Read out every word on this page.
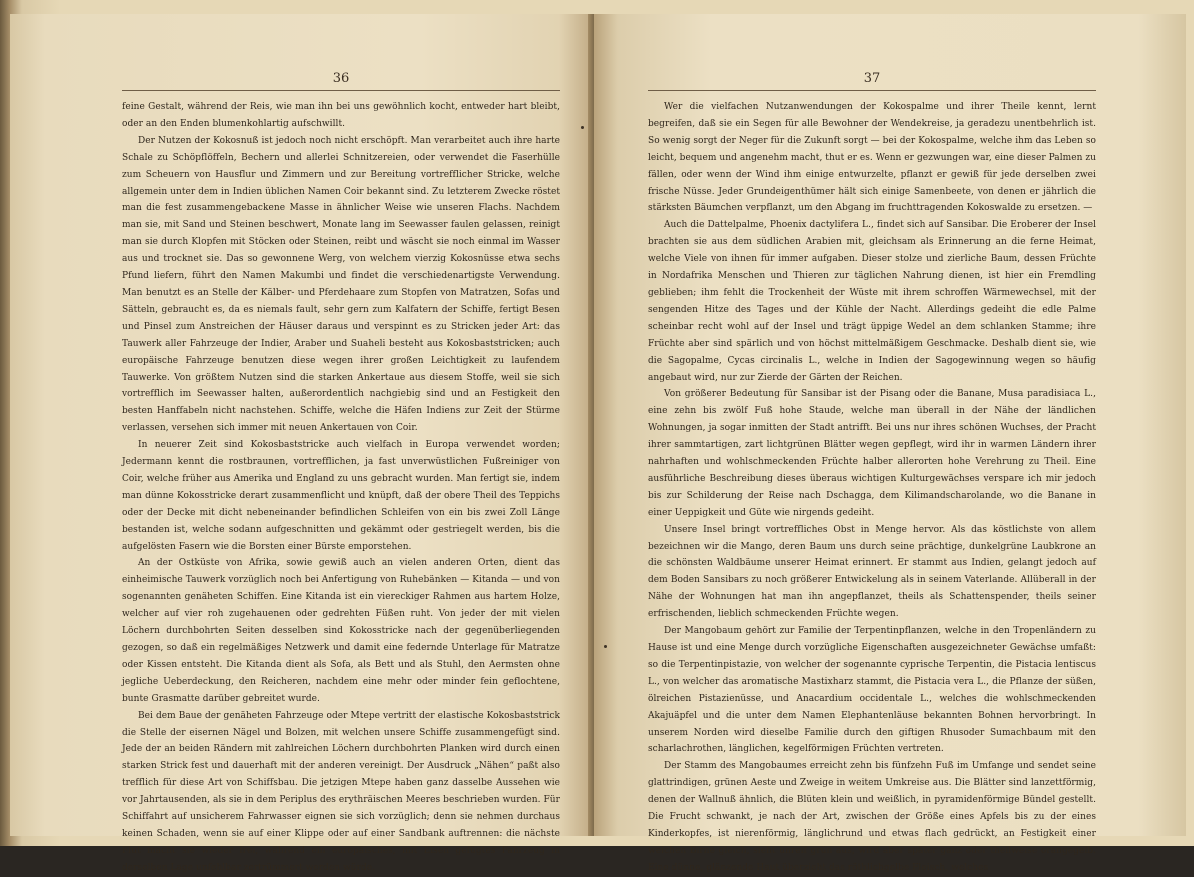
36

feine Gestalt, während der Reis, wie man ihn bei uns gewöhnlich kocht, entweder hart bleibt, oder an den Enden blumenkohlartig aufschwillt.

Der Nutzen der Kokosnuß ist jedoch noch nicht erschöpft. Man verarbeitet auch ihre harte Schale zu Schöpflöffeln, Bechern und allerlei Schnitzereien, oder verwendet die Faserhülle zum Scheuern von Hausflur und Zimmern und zur Bereitung vortrefflicher Stricke, welche allgemein unter dem in Indien üblichen Namen Coir bekannt sind. Zu letzterem Zwecke röstet man die fest zusammengebackene Masse in ähnlicher Weise wie unseren Flachs. Nachdem man sie, mit Sand und Steinen beschwert, Monate lang im Seewasser faulen gelassen, reinigt man sie durch Klopfen mit Stöcken oder Steinen, reibt und wäscht sie noch einmal im Wasser aus und trocknet sie. Das so gewonnene Werg, von welchem vierzig Kokosnüsse etwa sechs Pfund liefern, führt den Namen Makumbi und findet die verschiedenartigste Verwendung. Man benutzt es an Stelle der Kälber- und Pferdehaare zum Stopfen von Matratzen, Sofas und Sätteln, gebraucht es, da es niemals fault, sehr gern zum Kalfatern der Schiffe, fertigt Besen und Pinsel zum Anstreichen der Häuser daraus und verspinnt es zu Stricken jeder Art: das Tauwerk aller Fahrzeuge der Indier, Araber und Suaheli besteht aus Kokosbaststricken; auch europäische Fahrzeuge benutzen diese wegen ihrer großen Leichtigkeit zu laufendem Tauwerke. Von größtem Nutzen sind die starken Ankertaue aus diesem Stoffe, weil sie sich vortrefflich im Seewasser halten, außerordentlich nachgiebig sind und an Festigkeit den besten Hanffabeln nicht nachstehen. Schiffe, welche die Häfen Indiens zur Zeit der Stürme verlassen, versehen sich immer mit neuen Ankertauen von Coir.

In neuerer Zeit sind Kokosbaststricke auch vielfach in Europa verwendet worden; Jedermann kennt die rostbraunen, vortrefflichen, ja fast unverwüstlichen Fußreiniger von Coir, welche früher aus Amerika und England zu uns gebracht wurden. Man fertigt sie, indem man dünne Kokosstricke derart zusammenflicht und knüpft, daß der obere Theil des Teppichs oder der Decke mit dicht nebeneinander befindlichen Schleifen von ein bis zwei Zoll Länge bestanden ist, welche sodann aufgeschnitten und gekämmt oder gestriegelt werden, bis die aufgelösten Fasern wie die Borsten einer Bürste emporstehen.

An der Ostküste von Afrika, sowie gewiß auch an vielen anderen Orten, dient das einheimische Tauwerk vorzüglich noch bei Anfertigung von Ruhebänken — Kitanda — und von sogenannten genäheten Schiffen. Eine Kitanda ist ein viereckiger Rahmen aus hartem Holze, welcher auf vier roh zugehauenen oder gedrehten Füßen ruht. Von jeder der mit vielen Löchern durchbohrten Seiten desselben sind Kokosstricke nach der gegenüberliegenden gezogen, so daß ein regelmäßiges Netzwerk und damit eine federnde Unterlage für Matratze oder Kissen entsteht. Die Kitanda dient als Sofa, als Bett und als Stuhl, den Aermsten ohne jegliche Ueberdeckung, den Reicheren, nachdem eine mehr oder minder fein geflochtene, bunte Grasmatte darüber gebreitet wurde.

Bei dem Baue der genäheten Fahrzeuge oder Mtepe vertritt der elastische Kokosbaststrick die Stelle der eisernen Nägel und Bolzen, mit welchen unsere Schiffe zusammengefügt sind. Jede der an beiden Rändern mit zahlreichen Löchern durchbohrten Planken wird durch einen starken Strick fest und dauerhaft mit der anderen vereinigt. Der Ausdruck „Nähen“ paßt also trefflich für diese Art von Schiffsbau. Die jetzigen Mtepe haben ganz dasselbe Aussehen wie vor Jahrtausenden, als sie in dem Periplus des erythräischen Meeres beschrieben wurden. Für Schiffahrt auf unsicherem Fahrwasser eignen sie sich vorzüglich; denn sie nehmen durchaus keinen Schaden, wenn sie auf einer Klippe oder auf einer Sandbank auftrennen: die nächste Flut macht sie wieder frei, während ein europäisches, mit Eisen gefügtes Fahrzeug in derselben Lage unfehlbar zertrümmert werden würde.

37

Wer die vielfachen Nutzanwendungen der Kokospalme und ihrer Theile kennt, lernt begreifen, daß sie ein Segen für alle Bewohner der Wendekreise, ja geradezu unentbehrlich ist. So wenig sorgt der Neger für die Zukunft sorgt — bei der Kokospalme, welche ihm das Leben so leicht, bequem und angenehm macht, thut er es. Wenn er gezwungen war, eine dieser Palmen zu fällen, oder wenn der Wind ihm einige entwurzelte, pflanzt er gewiß für jede derselben zwei frische Nüsse. Jeder Grundeigenthümer hält sich einige Samenbeete, von denen er jährlich die stärksten Bäumchen verpflanzt, um den Abgang im fruchttragenden Kokoswalde zu ersetzen. —

Auch die Dattelpalme, Phoenix dactylifera L., findet sich auf Sansibar. Die Eroberer der Insel brachten sie aus dem südlichen Arabien mit, gleichsam als Erinnerung an die ferne Heimat, welche Viele von ihnen für immer aufgaben. Dieser stolze und zierliche Baum, dessen Früchte in Nordafrika Menschen und Thieren zur täglichen Nahrung dienen, ist hier ein Fremdling geblieben; ihm fehlt die Trockenheit der Wüste mit ihrem schroffen Wärmewechsel, mit der sengenden Hitze des Tages und der Kühle der Nacht. Allerdings gedeiht die edle Palme scheinbar recht wohl auf der Insel und trägt üppige Wedel an dem schlanken Stamme; ihre Früchte aber sind spärlich und von höchst mittelmäßigem Geschmacke. Deshalb dient sie, wie die Sagopalme, Cycas circinalis L., welche in Indien der Sagogewinnung wegen so häufig angebaut wird, nur zur Zierde der Gärten der Reichen.

Von größerer Bedeutung für Sansibar ist der Pisang oder die Banane, Musa paradisiaca L., eine zehn bis zwölf Fuß hohe Staude, welche man überall in der Nähe der ländlichen Wohnungen, ja sogar inmitten der Stadt antrifft. Bei uns nur ihres schönen Wuchses, der Pracht ihrer sammtartigen, zart lichtgrünen Blätter wegen gepflegt, wird ihr in warmen Ländern ihrer nahrhaften und wohlschmeckenden Früchte halber allerorten hohe Verehrung zu Theil. Eine ausführliche Beschreibung dieses überaus wichtigen Kulturgewächses verspare ich mir jedoch bis zur Schilderung der Reise nach Dschagga, dem Kilimandscharolande, wo die Banane in einer Ueppigkeit und Güte wie nirgends gedeiht.

Unsere Insel bringt vortreffliches Obst in Menge hervor. Als das köstlichste von allem bezeichnen wir die Mango, deren Baum uns durch seine prächtige, dunkelgrüne Laubkrone an die schönsten Waldbäume unserer Heimat erinnert. Er stammt aus Indien, gelangt jedoch auf dem Boden Sansibars zu noch größerer Entwickelung als in seinem Vaterlande. Allüberall in der Nähe der Wohnungen hat man ihn angepflanzet, theils als Schattenspender, theils seiner erfrischenden, lieblich schmeckenden Früchte wegen.

Der Mangobaum gehört zur Familie der Terpentinpflanzen, welche in den Tropenländern zu Hause ist und eine Menge durch vorzügliche Eigenschaften ausgezeichneter Gewächse umfaßt: so die Terpentinpistazie, von welcher der sogenannte cyprische Terpentin, die Pistacia lentiscus L., von welcher das aromatische Mastixharz stammt, die Pistacia vera L., die Pflanze der süßen, ölreichen Pistazienüsse, und Anacardium occidentale L., welches die wohlschmeckenden Akajuäpfel und die unter dem Namen Elephantenläuse bekannten Bohnen hervorbringt. In unserem Norden wird dieselbe Familie durch den giftigen Rhusoder Sumachbaum mit den scharlachrothen, länglichen, kegelförmigen Früchten vertreten.

Der Stamm des Mangobaumes erreicht zehn bis fünfzehn Fuß im Umfange und sendet seine glattrindigen, grünen Aeste und Zweige in weitem Umkreise aus. Die Blätter sind lanzettförmig, denen der Wallnuß ähnlich, die Blüten klein und weißlich, in pyramidenförmige Bündel gestellt. Die Frucht schwankt, je nach der Art, zwischen der Größe eines Apfels bis zu der eines Kinderkopfes, ist nierenförmig, länglichrund und etwas flach gedrückt, an Festigkeit einer weichen Birne gleich, sieht unreif grün aus, wird aber später ganz oder theilweise orangegelb. Eine dünne, glänzende Haut überzieht das röthlichgelbe Fleisch, welches
